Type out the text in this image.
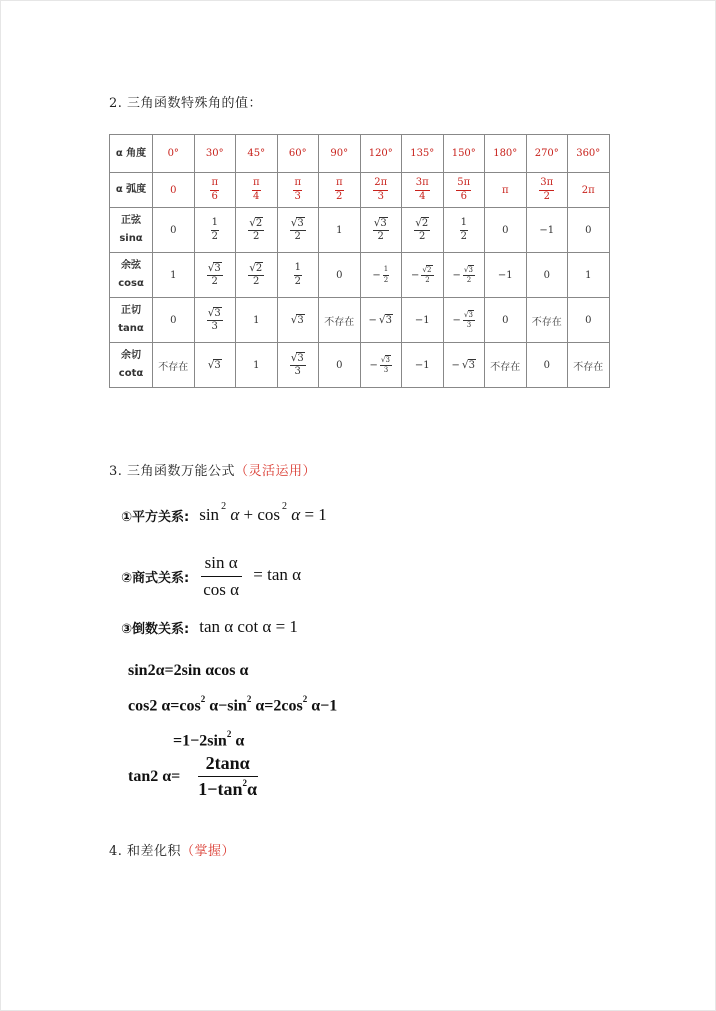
2. 三角函数特殊角的值：
α 角度	0°	30°	45°	60°	90°	120°	135°	150°	180°	270°	360°
α 弧度	0	$\frac{\pi}{6}$	$\frac{\pi}{4}$	$\frac{\pi}{3}$	$\frac{\pi}{2}$	$\frac{2\pi}{3}$	$\frac{3\pi}{4}$	$\frac{5\pi}{6}$	π	$\frac{3\pi}{2}$	2π
正弦
sinα	0	$\frac{1}{2}$	$\frac{√2}{2}$	$\frac{√3}{2}$	1	$\frac{√3}{2}$	$\frac{√2}{2}$	$\frac{1}{2}$	0	−1	0
余弦
cosα	1	$\frac{√3}{2}$	$\frac{√2}{2}$	$\frac{1}{2}$	0	− $\frac{1}{2}$	− $\frac{√2}{2}$	− $\frac{√3}{2}$	−1	0	1
正切
tanα	0	$\frac{√3}{3}$	1	√3	不存在	− √3	−1	− $\frac{√3}{3}$	0	不存在	0
余切
cotα	不存在	√3	1	$\frac{√3}{3}$	0	− $\frac{√3}{3}$	−1	− √3	不存在	0	不存在
3. 三角函数万能公式（灵活运用）
①平方关系: sin $^2$ α + cos $^2$ α = 1
②商式关系: $\frac{\text{sin α}}{\text{cos α}} = \tan \alpha$
③倒数关系: tan α cot α = 1
sin2α=2sin αcos α
cos2 $\alpha=\cos^2$ $\alpha-\sin^2$ $\alpha=2\cos^2$ α−1
$=1-2\sin^2$ α
tan2 $\alpha= \frac{2\tan\alpha}{1-\tan^2\alpha}$
4. 和差化积（掌握）
